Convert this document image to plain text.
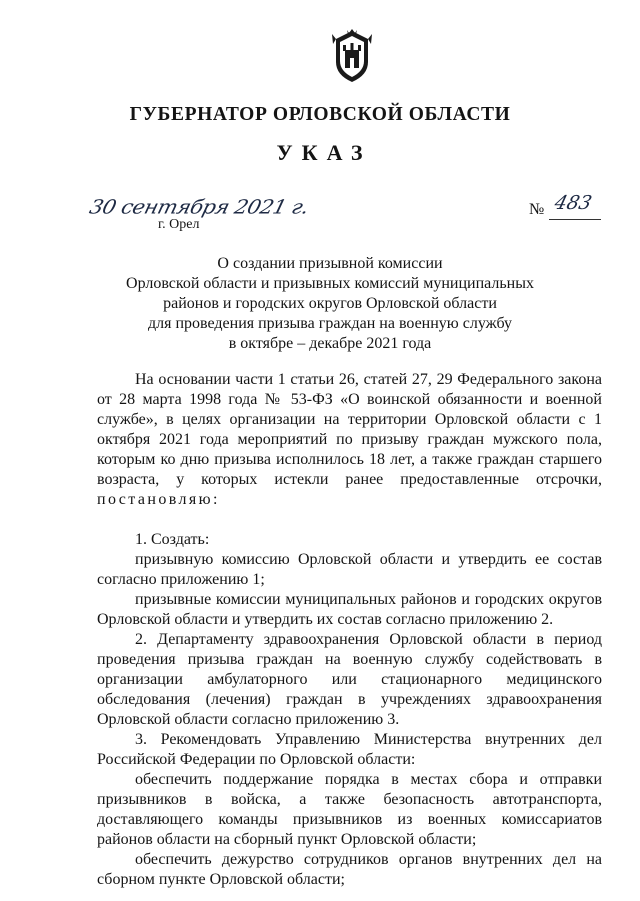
ГУБЕРНАТОР ОРЛОВСКОЙ ОБЛАСТИ
УКАЗ
30 сентября 2021 г.
г. Орел
№ 483
О создании призывной комиссии
Орловской области и призывных комиссий муниципальных
районов и городских округов Орловской области
для проведения призыва граждан на военную службу
в октябре – декабре 2021 года

На основании части 1 статьи 26, статей 27, 29 Федерального закона от 28 марта 1998 года № 53-ФЗ «О воинской обязанности и военной службе», в целях организации на территории Орловской области с 1 октября 2021 года мероприятий по призыву граждан мужского пола, которым ко дню призыва исполнилось 18 лет, а также граждан старшего возраста, у которых истекли ранее предоставленные отсрочки, постановляю:

1. Создать:

призывную комиссию Орловской области и утвердить ее состав согласно приложению 1;

призывные комиссии муниципальных районов и городских округов Орловской области и утвердить их состав согласно приложению 2.

2. Департаменту здравоохранения Орловской области в период проведения призыва граждан на военную службу содействовать в организации амбулаторного или стационарного медицинского обследования (лечения) граждан в учреждениях здравоохранения Орловской области согласно приложению 3.

3. Рекомендовать Управлению Министерства внутренних дел Российской Федерации по Орловской области:

обеспечить поддержание порядка в местах сбора и отправки призывников в войска, а также безопасность автотранспорта, доставляющего команды призывников из военных комиссариатов районов области на сборный пункт Орловской области;

обеспечить дежурство сотрудников органов внутренних дел на сборном пункте Орловской области;
